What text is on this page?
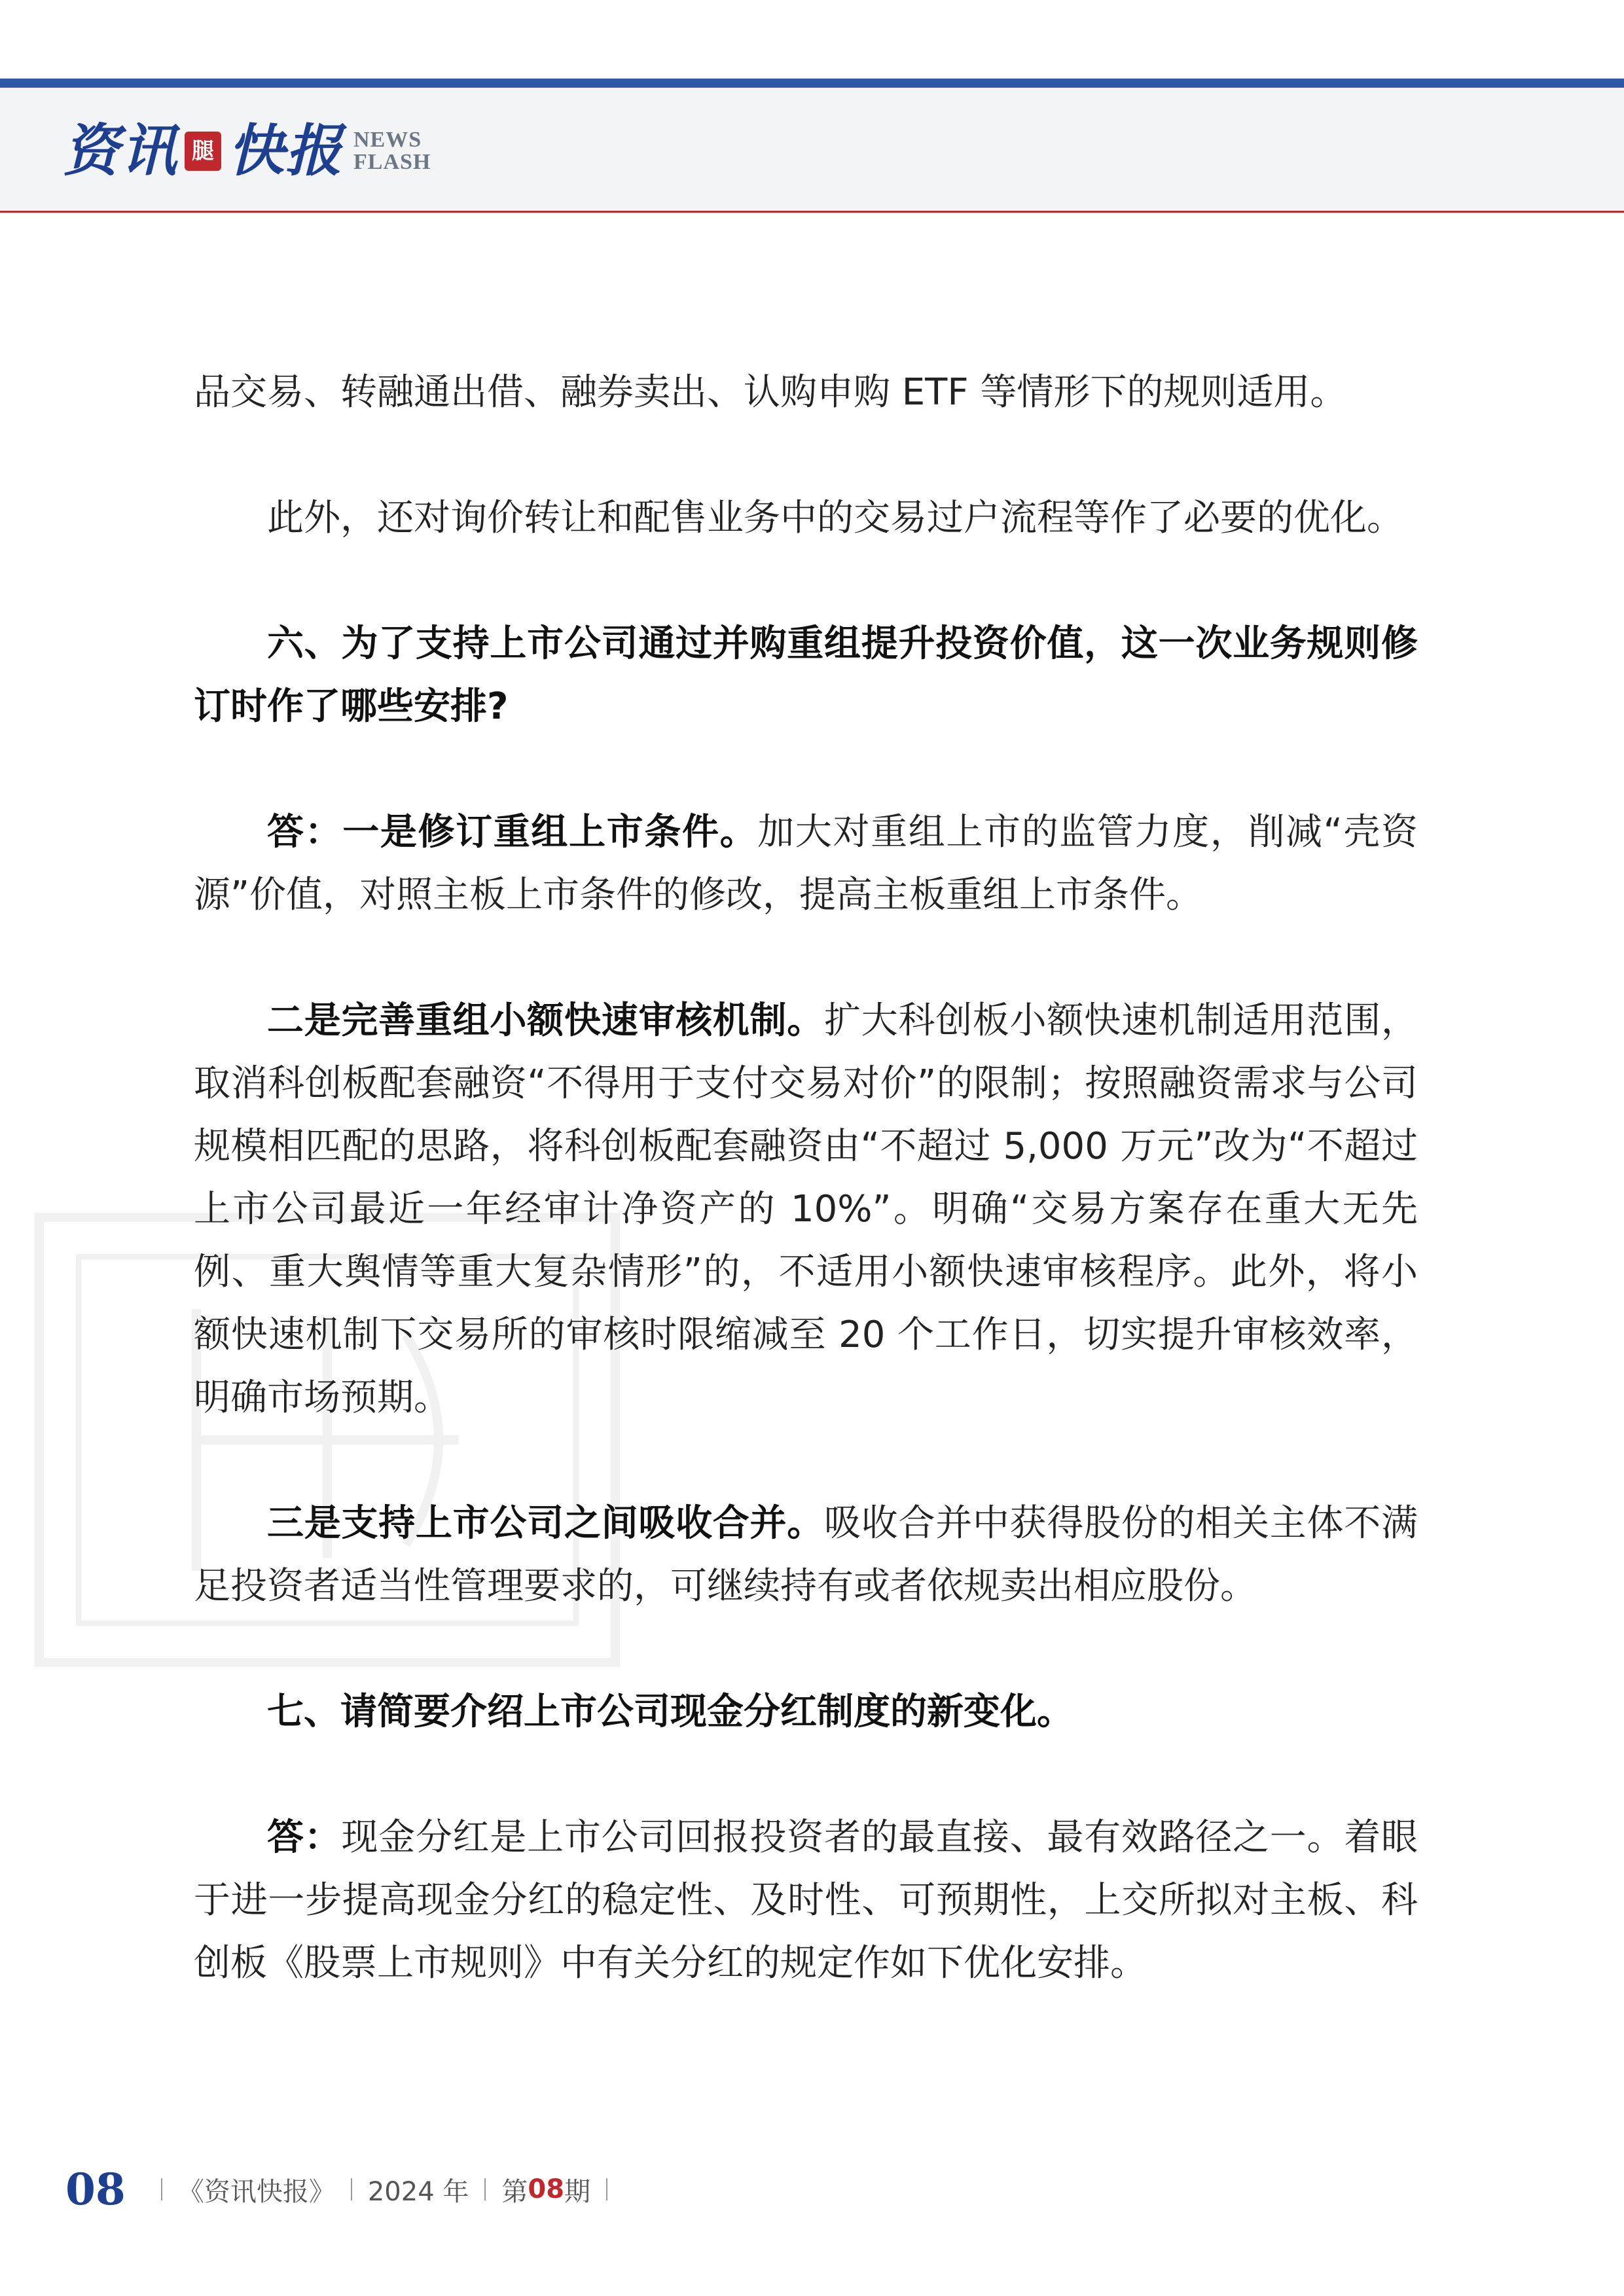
资讯 腿 快报 NEWS
FLASH

品交易、转融通出借、融券卖出、认购申购 ETF 等情形下的规则适用。

此外，还对询价转让和配售业务中的交易过户流程等作了必要的优化。

六、为了支持上市公司通过并购重组提升投资价值，这一次业务规则修订时作了哪些安排?

答：一是修订重组上市条件。加大对重组上市的监管力度，削减“壳资源”价值，对照主板上市条件的修改，提高主板重组上市条件。

二是完善重组小额快速审核机制。扩大科创板小额快速机制适用范围，取消科创板配套融资“不得用于支付交易对价”的限制；按照融资需求与公司规模相匹配的思路，将科创板配套融资由“不超过 5,000 万元”改为“不超过上市公司最近一年经审计净资产的 10%”。明确“交易方案存在重大无先例、重大舆情等重大复杂情形”的，不适用小额快速审核程序。此外，将小额快速机制下交易所的审核时限缩减至 20 个工作日，切实提升审核效率，明确市场预期。

三是支持上市公司之间吸收合并。吸收合并中获得股份的相关主体不满足投资者适当性管理要求的，可继续持有或者依规卖出相应股份。

七、请简要介绍上市公司现金分红制度的新变化。

答：现金分红是上市公司回报投资者的最直接、最有效路径之一。着眼于进一步提高现金分红的稳定性、及时性、可预期性，上交所拟对主板、科创板《股票上市规则》中有关分红的规定作如下优化安排。

08 《资讯快报》 2024 年 第 08 期
